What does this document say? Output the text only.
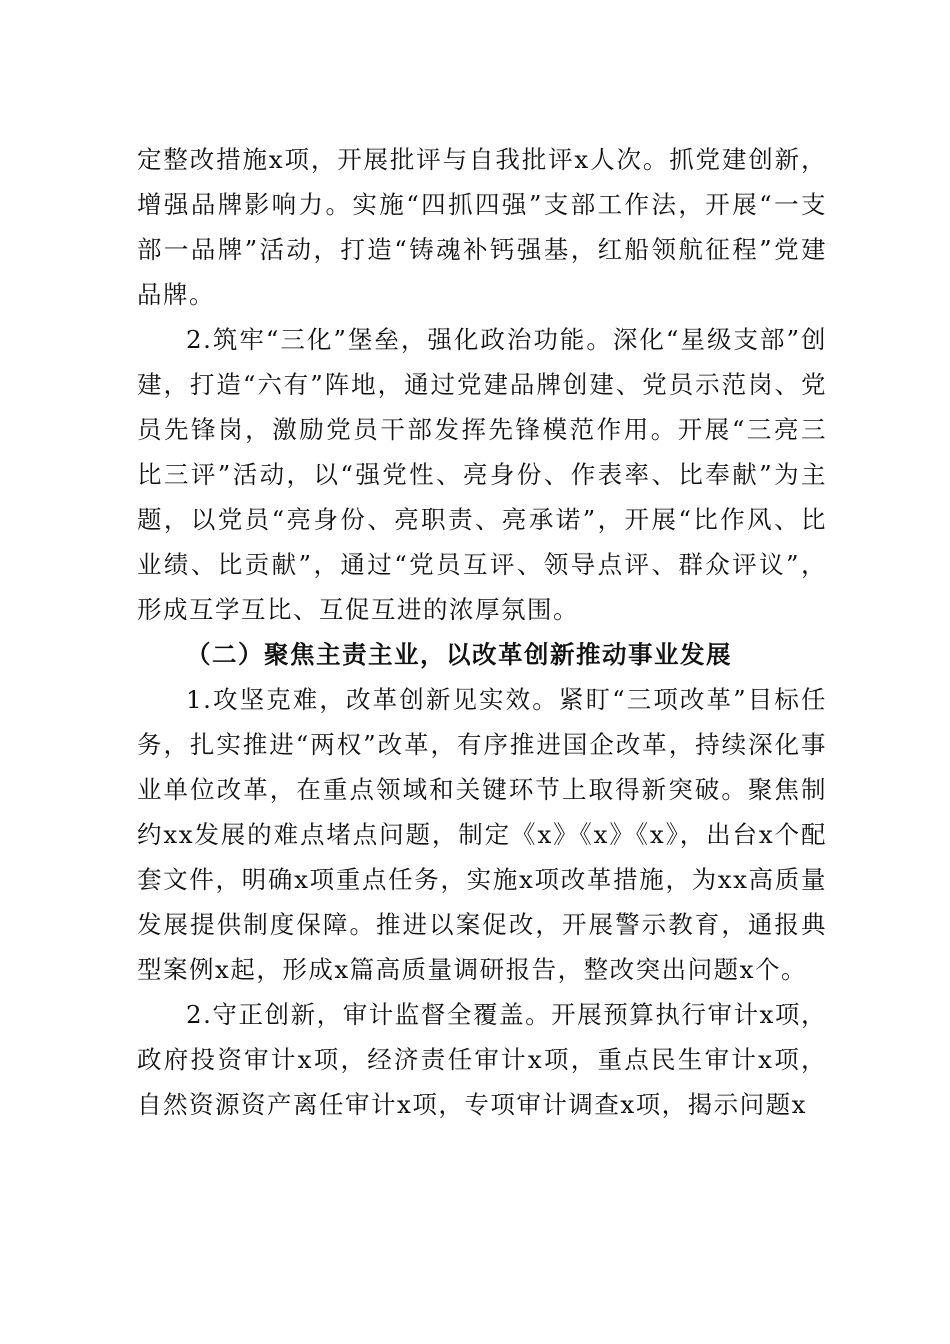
定整改措施x项，开展批评与自我批评x人次。抓党建创新，增强品牌影响力。实施“四抓四强”支部工作法，开展“一支部一品牌”活动，打造“铸魂补钙强基，红船领航征程”党建品牌。

2.筑牢“三化”堡垒，强化政治功能。深化“星级支部”创建，打造“六有”阵地，通过党建品牌创建、党员示范岗、党员先锋岗，激励党员干部发挥先锋模范作用。开展“三亮三比三评”活动，以“强党性、亮身份、作表率、比奉献”为主题，以党员“亮身份、亮职责、亮承诺”，开展“比作风、比业绩、比贡献”，通过“党员互评、领导点评、群众评议”，形成互学互比、互促互进的浓厚氛围。

（二）聚焦主责主业，以改革创新推动事业发展

1.攻坚克难，改革创新见实效。紧盯“三项改革”目标任务，扎实推进“两权”改革，有序推进国企改革，持续深化事业单位改革，在重点领域和关键环节上取得新突破。聚焦制约xx发展的难点堵点问题，制定《x》《x》《x》，出台x个配套文件，明确x项重点任务，实施x项改革措施，为xx高质量发展提供制度保障。推进以案促改，开展警示教育，通报典型案例x起，形成x篇高质量调研报告，整改突出问题x个。

2.守正创新，审计监督全覆盖。开展预算执行审计x项，政府投资审计x项，经济责任审计x项，重点民生审计x项，自然资源资产离任审计x项，专项审计调查x项，揭示问题x
